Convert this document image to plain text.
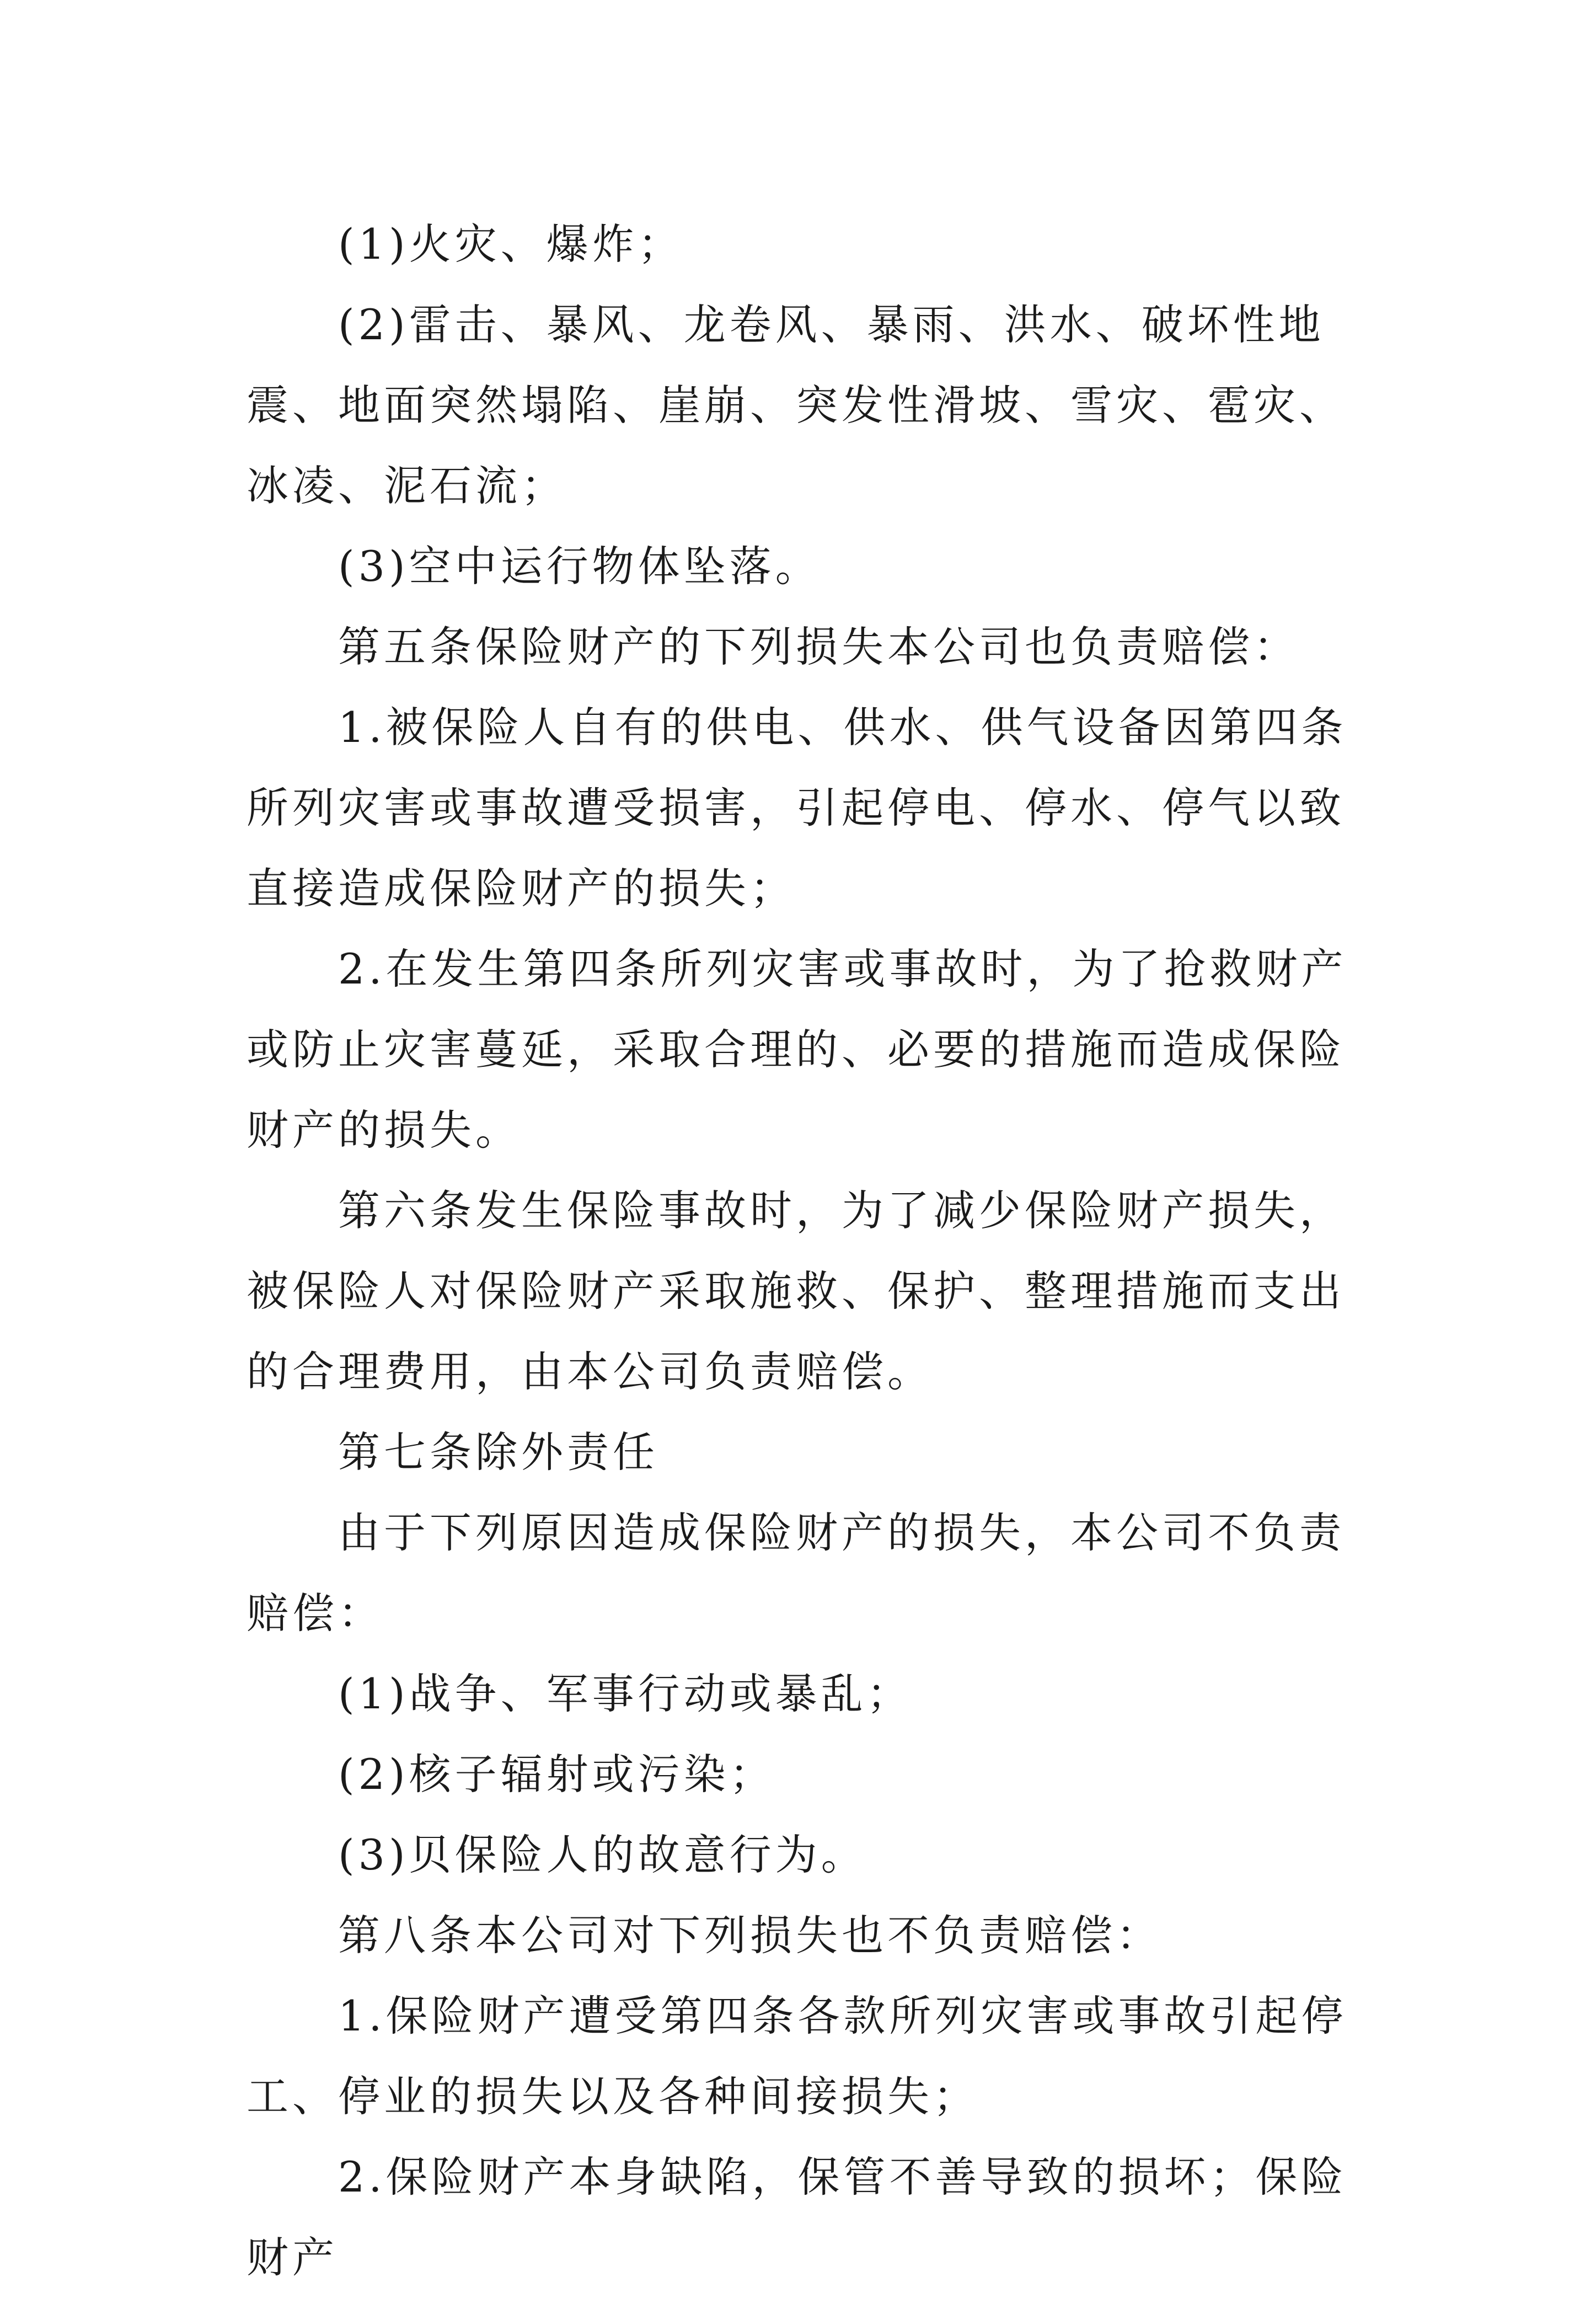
(1)火灾、爆炸；

(2)雷击、暴风、龙卷风、暴雨、洪水、破坏性地震、地面突然塌陷、崖崩、突发性滑坡、雪灾、雹灾、冰凌、泥石流；

(3)空中运行物体坠落。

第五条保险财产的下列损失本公司也负责赔偿：

1.被保险人自有的供电、供水、供气设备因第四条所列灾害或事故遭受损害，引起停电、停水、停气以致直接造成保险财产的损失；

2.在发生第四条所列灾害或事故时，为了抢救财产或防止灾害蔓延，采取合理的、必要的措施而造成保险财产的损失。

第六条发生保险事故时，为了减少保险财产损失，被保险人对保险财产采取施救、保护、整理措施而支出的合理费用，由本公司负责赔偿。

第七条除外责任

由于下列原因造成保险财产的损失，本公司不负责赔偿：

(1)战争、军事行动或暴乱；

(2)核子辐射或污染；

(3)贝保险人的故意行为。

第八条本公司对下列损失也不负责赔偿：

1.保险财产遭受第四条各款所列灾害或事故引起停工、停业的损失以及各种间接损失；

2.保险财产本身缺陷，保管不善导致的损坏；保险财产
